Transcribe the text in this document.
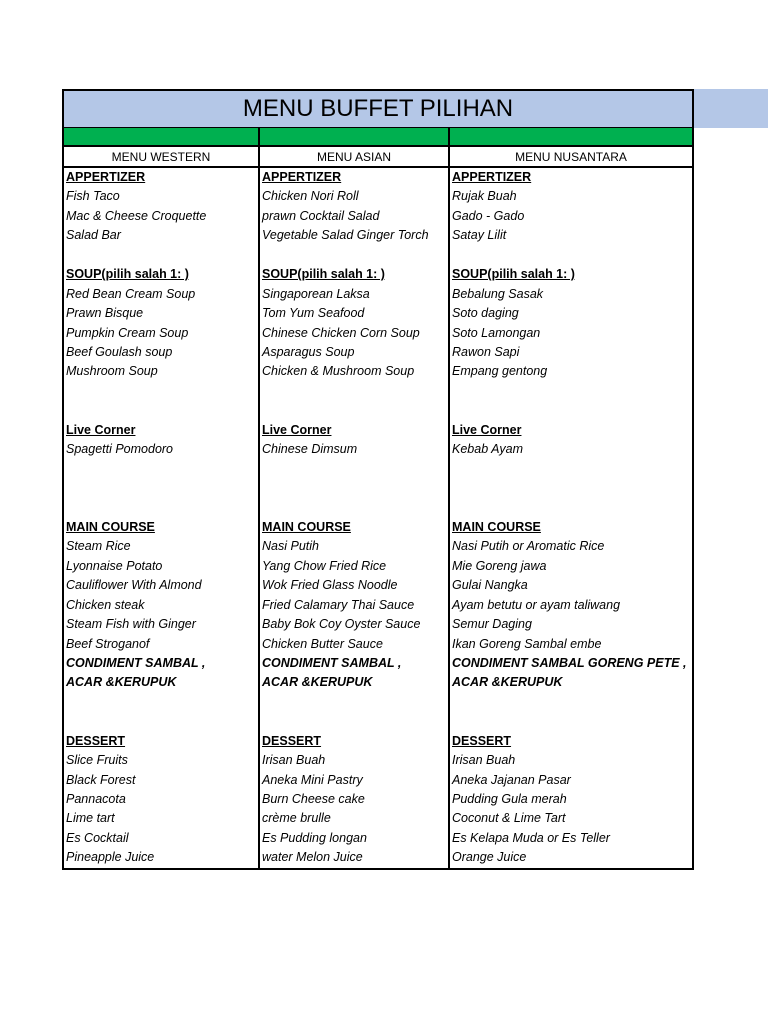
MENU BUFFET PILIHAN
MENU WESTERN	MENU ASIAN	MENU NUSANTARA
APPERTIZER
Fish Taco
Mac & Cheese Croquette
Salad Bar
SOUP(pilih salah 1: )
Red Bean Cream Soup
Prawn Bisque
Pumpkin Cream Soup
Beef Goulash soup
Mushroom Soup
Live Corner
Spagetti Pomodoro
MAIN COURSE
Steam Rice
Lyonnaise Potato
Cauliflower With Almond
Chicken steak
Steam Fish with Ginger
Beef Stroganof
CONDIMENT SAMBAL ,
ACAR &KERUPUK
DESSERT
Slice Fruits
Black Forest
Pannacota
Lime tart
Es Cocktail
Pineapple Juice
APPERTIZER
Chicken Nori Roll
prawn Cocktail Salad
Vegetable Salad Ginger Torch
SOUP(pilih salah 1: )
Singaporean Laksa
Tom Yum Seafood
Chinese Chicken Corn Soup
Asparagus Soup
Chicken & Mushroom Soup
Live Corner
Chinese Dimsum
MAIN COURSE
Nasi Putih
Yang Chow Fried Rice
Wok Fried Glass Noodle
Fried Calamary Thai Sauce
Baby Bok Coy Oyster Sauce
Chicken Butter Sauce
CONDIMENT SAMBAL ,
ACAR &KERUPUK
DESSERT
Irisan Buah
Aneka Mini Pastry
Burn Cheese cake
crème brulle
Es Pudding longan
water Melon Juice
APPERTIZER
Rujak Buah
Gado - Gado
Satay Lilit
SOUP(pilih salah 1: )
Bebalung Sasak
Soto daging
Soto Lamongan
Rawon Sapi
Empang gentong
Live Corner
Kebab Ayam
MAIN COURSE
Nasi Putih or Aromatic Rice
Mie Goreng jawa
Gulai Nangka
Ayam betutu or ayam taliwang
Semur Daging
Ikan Goreng Sambal embe
CONDIMENT SAMBAL GORENG PETE ,
ACAR &KERUPUK
DESSERT
Irisan Buah
Aneka Jajanan Pasar
Pudding Gula merah
Coconut & Lime Tart
Es Kelapa Muda or Es Teller
Orange Juice
